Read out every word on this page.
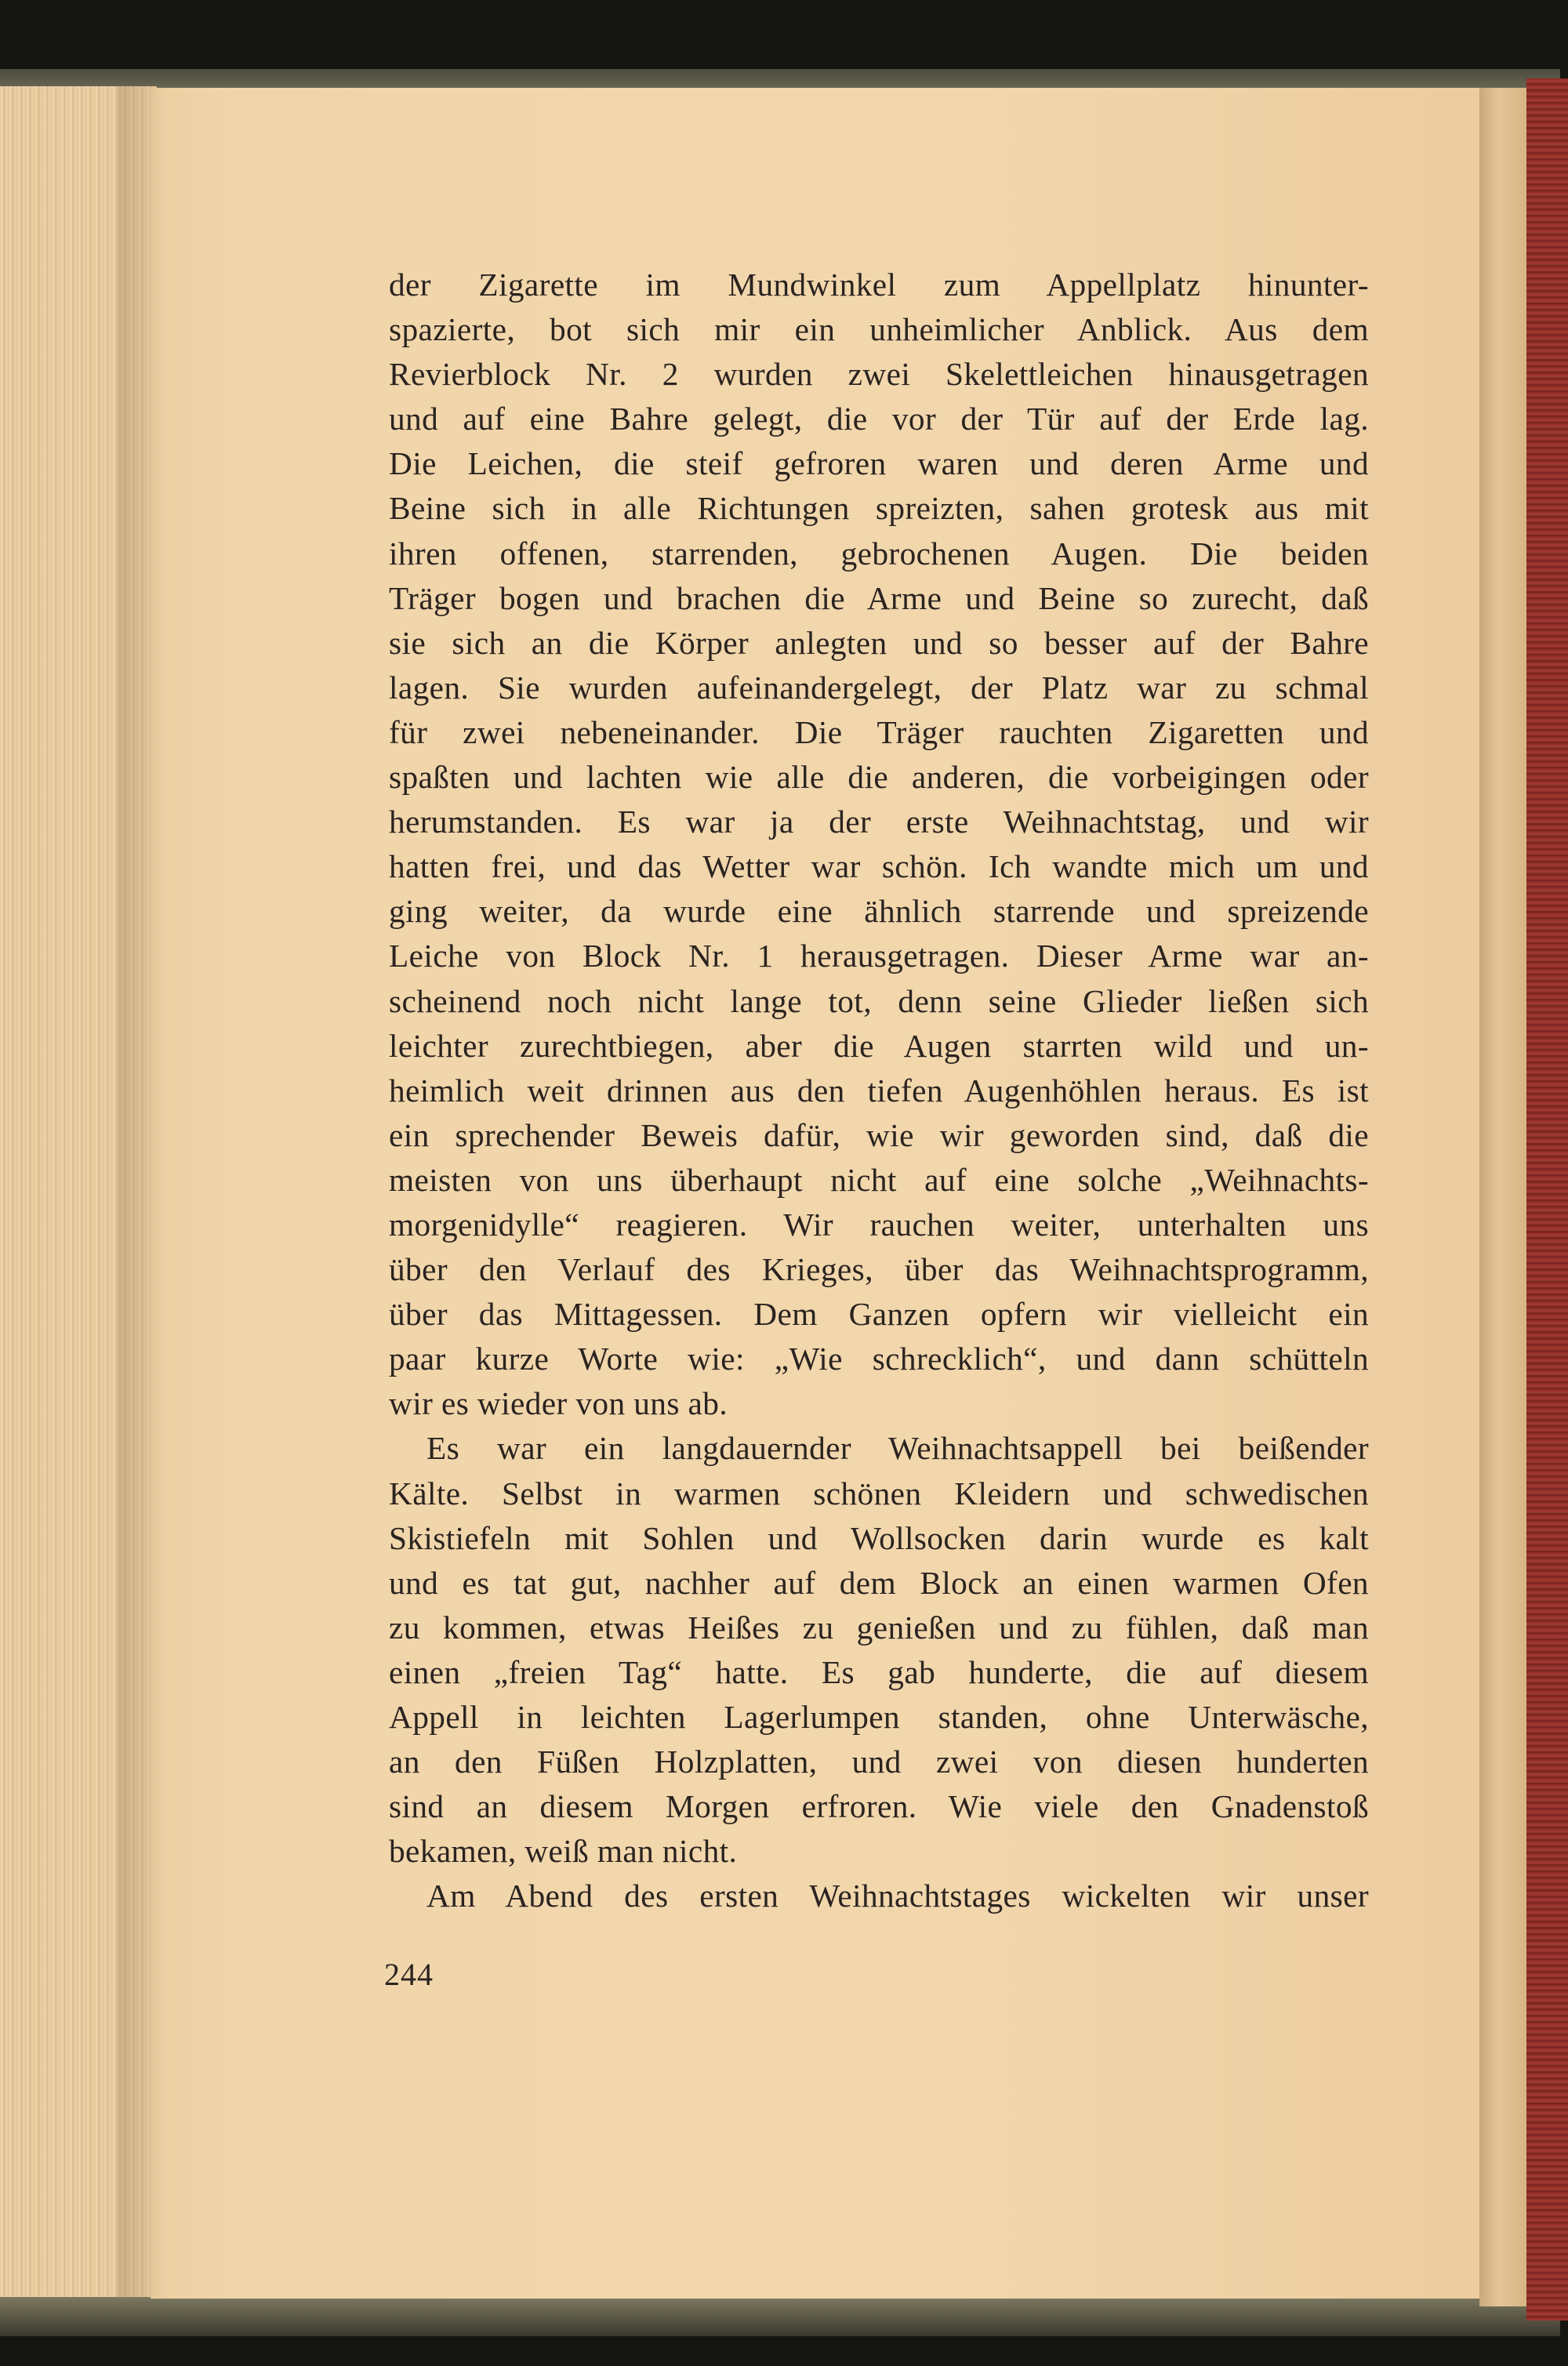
der Zigarette im Mundwinkel zum Appellplatz hinunter-
spazierte, bot sich mir ein unheimlicher Anblick. Aus dem
Revierblock Nr. 2 wurden zwei Skelettleichen hinausgetragen
und auf eine Bahre gelegt, die vor der Tür auf der Erde lag.
Die Leichen, die steif gefroren waren und deren Arme und
Beine sich in alle Richtungen spreizten, sahen grotesk aus mit
ihren offenen, starrenden, gebrochenen Augen. Die beiden
Träger bogen und brachen die Arme und Beine so zurecht, daß
sie sich an die Körper anlegten und so besser auf der Bahre
lagen. Sie wurden aufeinandergelegt, der Platz war zu schmal
für zwei nebeneinander. Die Träger rauchten Zigaretten und
spaßten und lachten wie alle die anderen, die vorbeigingen oder
herumstanden. Es war ja der erste Weihnachtstag, und wir
hatten frei, und das Wetter war schön. Ich wandte mich um und
ging weiter, da wurde eine ähnlich starrende und spreizende
Leiche von Block Nr. 1 herausgetragen. Dieser Arme war an-
scheinend noch nicht lange tot, denn seine Glieder ließen sich
leichter zurechtbiegen, aber die Augen starrten wild und un-
heimlich weit drinnen aus den tiefen Augenhöhlen heraus. Es ist
ein sprechender Beweis dafür, wie wir geworden sind, daß die
meisten von uns überhaupt nicht auf eine solche „Weihnachts-
morgenidylle“ reagieren. Wir rauchen weiter, unterhalten uns
über den Verlauf des Krieges, über das Weihnachtsprogramm,
über das Mittagessen. Dem Ganzen opfern wir vielleicht ein
paar kurze Worte wie: „Wie schrecklich“, und dann schütteln
wir es wieder von uns ab.
Es war ein langdauernder Weihnachtsappell bei beißender
Kälte. Selbst in warmen schönen Kleidern und schwedischen
Skistiefeln mit Sohlen und Wollsocken darin wurde es kalt
und es tat gut, nachher auf dem Block an einen warmen Ofen
zu kommen, etwas Heißes zu genießen und zu fühlen, daß man
einen „freien Tag“ hatte. Es gab hunderte, die auf diesem
Appell in leichten Lagerlumpen standen, ohne Unterwäsche,
an den Füßen Holzplatten, und zwei von diesen hunderten
sind an diesem Morgen erfroren. Wie viele den Gnadenstoß
bekamen, weiß man nicht.
Am Abend des ersten Weihnachtstages wickelten wir unser
244
